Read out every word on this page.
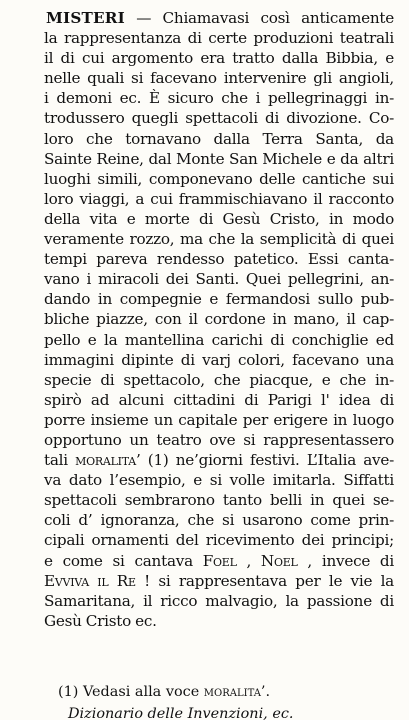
MISTERI — Chiamavasi così anticamente
la rappresentanza di certe produzioni teatrali
il di cui argomento era tratto dalla Bibbia, e
nelle quali si facevano intervenire gli angioli,
i demoni ec. È sicuro che i pellegrinaggi in-
trodussero quegli spettacoli di divozione. Co-
loro che tornavano dalla Terra Santa, da
Sainte Reine, dal Monte San Michele e da altri
luoghi simili, componevano delle cantiche sui
loro viaggi, a cui frammischiavano il racconto
della vita e morte di Gesù Cristo, in modo
veramente rozzo, ma che la semplicità di quei
tempi pareva rendesso patetico. Essi canta-
vano i miracoli dei Santi. Quei pellegrini, an-
dando in compegnie e fermandosi sullo pub-
bliche piazze, con il cordone in mano, il cap-
pello e la mantellina carichi di conchiglie ed
immagini dipinte di varj colori, facevano una
specie di spettacolo, che piacque, e che in-
spirò ad alcuni cittadini di Parigi l' idea di
porre insieme un capitale per erigere in luogo
opportuno un teatro ove si rappresentassero
tali moralita’ (1) ne’giorni festivi. L’Italia ave-
va dato l’esempio, e si volle imitarla. Siffatti
spettacoli sembrarono tanto belli in quei se-
coli d’ ignoranza, che si usarono come prin-
cipali ornamenti del ricevimento dei principi;
e come si cantava Foel , Noel , invece di
Evviva il Re ! si rappresentava per le vie la
Samaritana, il ricco malvagio, la passione di
Gesù Cristo ec.
(1) Vedasi alla voce moralita’.
Dizionario delle Invenzioni, ec.
